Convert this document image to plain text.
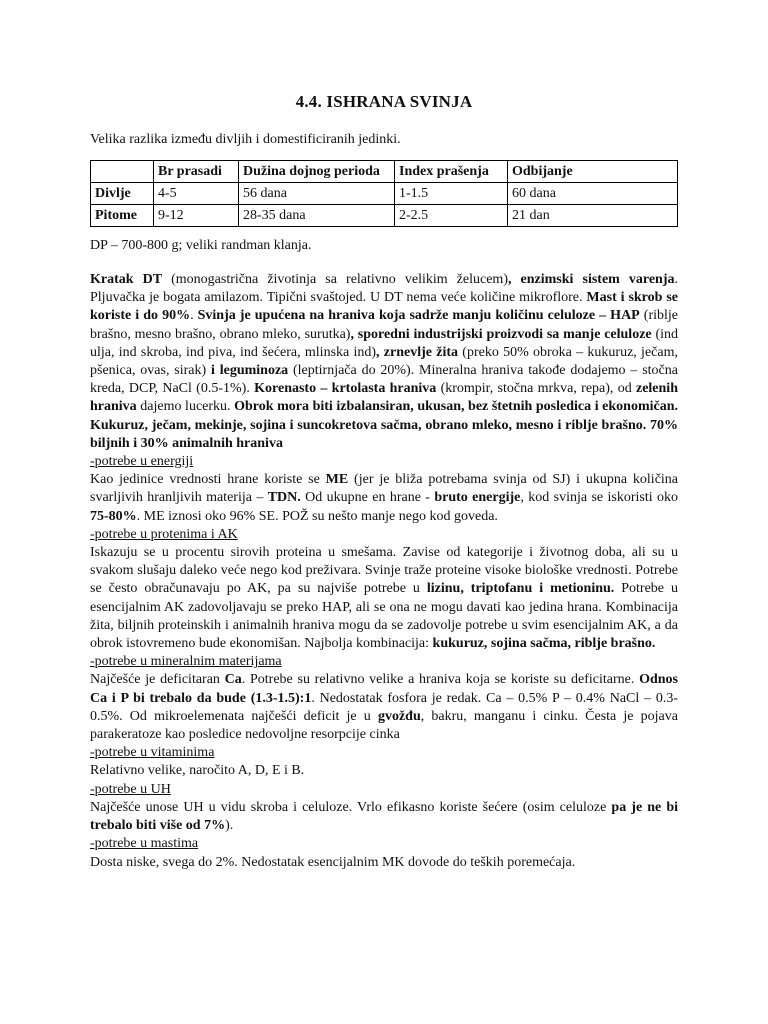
4.4. ISHRANA SVINJA
Velika razlika između divljih i domestificiranih jedinki.
	Br prasadi	Dužina dojnog perioda	Index prašenja	Odbijanje
Divlje	4-5	56 dana	1-1.5	60 dana
Pitome	9-12	28-35 dana	2-2.5	21 dan
DP – 700-800 g; veliki randman klanja.

Kratak DT (monogastrična životinja sa relativno velikim želucem), enzimski sistem varenja. Pljuvačka je bogata amilazom. Tipični svaštojed. U DT nema veće količine mikroflore. Mast i skrob se koriste i do 90%. Svinja je upućena na hraniva koja sadrže manju količinu celuloze – HAP (riblje brašno, mesno brašno, obrano mleko, surutka), sporedni industrijski proizvodi sa manje celuloze (ind ulja, ind skroba, ind piva, ind šećera, mlinska ind), zrnevlje žita (preko 50% obroka – kukuruz, ječam, pšenica, ovas, sirak) i leguminoza (leptirnjača do 20%). Mineralna hraniva takođe dodajemo – stočna kreda, DCP, NaCl (0.5-1%). Korenasto – krtolasta hraniva (krompir, stočna mrkva, repa), od zelenih hraniva dajemo lucerku. Obrok mora biti izbalansiran, ukusan, bez štetnih posledica i ekonomičan. Kukuruz, ječam, mekinje, sojina i suncokretova sačma, obrano mleko, mesno i riblje brašno. 70% biljnih i 30% animalnih hraniva

-potrebe u energiji

Kao jedinice vrednosti hrane koriste se ME (jer je bliža potrebama svinja od SJ) i ukupna količina svarljivih hranljivih materija – TDN. Od ukupne en hrane - bruto energije, kod svinja se iskoristi oko 75-80%. ME iznosi oko 96% SE. POŽ su nešto manje nego kod goveda.

-potrebe u protenima i AK

Iskazuju se u procentu sirovih proteina u smešama. Zavise od kategorije i životnog doba, ali su u svakom slušaju daleko veće nego kod preživara. Svinje traže proteine visoke biološke vrednosti. Potrebe se često obračunavaju po AK, pa su najviše potrebe u lizinu, triptofanu i metioninu. Potrebe u esencijalnim AK zadovoljavaju se preko HAP, ali se ona ne mogu davati kao jedina hrana. Kombinacija žita, biljnih proteinskih i animalnih hraniva mogu da se zadovolje potrebe u svim esencijalnim AK, a da obrok istovremeno bude ekonomišan. Najbolja kombinacija: kukuruz, sojina sačma, riblje brašno.

-potrebe u mineralnim materijama

Najčešće je deficitaran Ca. Potrebe su relativno velike a hraniva koja se koriste su deficitarne. Odnos Ca i P bi trebalo da bude (1.3-1.5):1. Nedostatak fosfora je redak. Ca – 0.5% P – 0.4% NaCl – 0.3-0.5%. Od mikroelemenata najčešći deficit je u gvožđu, bakru, manganu i cinku. Česta je pojava parakeratoze kao posledice nedovoljne resorpcije cinka

-potrebe u vitaminima

Relativno velike, naročito A, D, E i B.

-potrebe u UH

Najčešće unose UH u vidu skroba i celuloze. Vrlo efikasno koriste šećere (osim celuloze pa je ne bi trebalo biti više od 7%).

-potrebe u mastima

Dosta niske, svega do 2%. Nedostatak esencijalnim MK dovode do teških poremećaja.
